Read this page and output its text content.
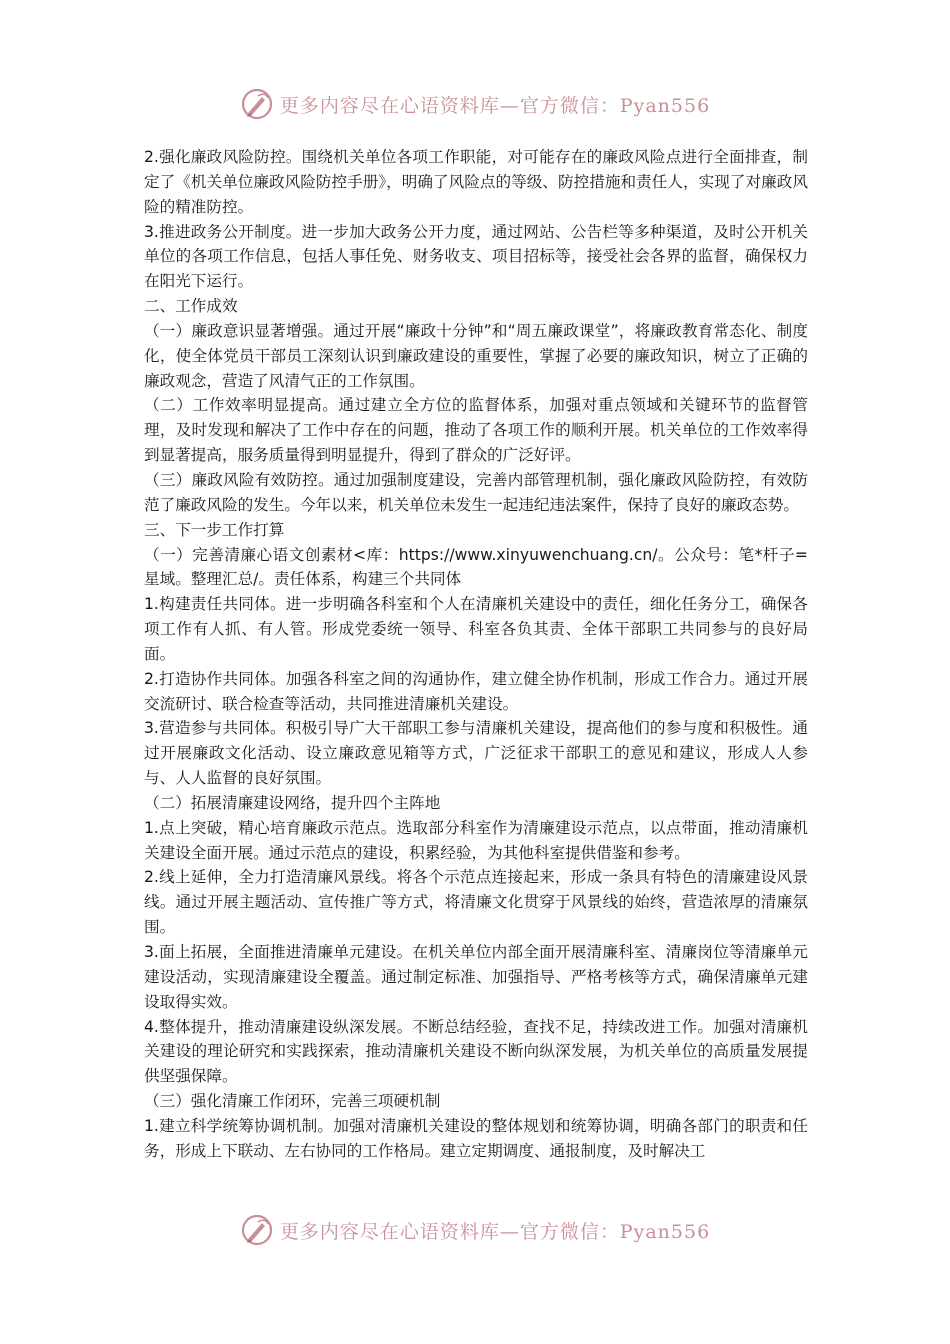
更多内容尽在心语资料库—官方微信：Pyan556

2.强化廉政风险防控。围绕机关单位各项工作职能，对可能存在的廉政风险点进行全面排查，制定了《机关单位廉政风险防控手册》，明确了风险点的等级、防控措施和责任人，实现了对廉政风险的精准防控。

3.推进政务公开制度。进一步加大政务公开力度，通过网站、公告栏等多种渠道，及时公开机关单位的各项工作信息，包括人事任免、财务收支、项目招标等，接受社会各界的监督，确保权力在阳光下运行。

二、工作成效

（一）廉政意识显著增强。通过开展“廉政十分钟”和“周五廉政课堂”，将廉政教育常态化、制度化，使全体党员干部员工深刻认识到廉政建设的重要性，掌握了必要的廉政知识，树立了正确的廉政观念，营造了风清气正的工作氛围。

（二）工作效率明显提高。通过建立全方位的监督体系，加强对重点领域和关键环节的监督管理，及时发现和解决了工作中存在的问题，推动了各项工作的顺利开展。机关单位的工作效率得到显著提高，服务质量得到明显提升，得到了群众的广泛好评。

（三）廉政风险有效防控。通过加强制度建设，完善内部管理机制，强化廉政风险防控，有效防范了廉政风险的发生。今年以来，机关单位未发生一起违纪违法案件，保持了良好的廉政态势。

三、下一步工作打算

（一）完善清廉心语文创素材<库：https://www.xinyuwenchuang.cn/。公众号：笔*杆子=星域。整理汇总/。责任体系，构建三个共同体

1.构建责任共同体。进一步明确各科室和个人在清廉机关建设中的责任，细化任务分工，确保各项工作有人抓、有人管。形成党委统一领导、科室各负其责、全体干部职工共同参与的良好局面。

2.打造协作共同体。加强各科室之间的沟通协作，建立健全协作机制，形成工作合力。通过开展交流研讨、联合检查等活动，共同推进清廉机关建设。

3.营造参与共同体。积极引导广大干部职工参与清廉机关建设，提高他们的参与度和积极性。通过开展廉政文化活动、设立廉政意见箱等方式，广泛征求干部职工的意见和建议，形成人人参与、人人监督的良好氛围。

（二）拓展清廉建设网络，提升四个主阵地

1.点上突破，精心培育廉政示范点。选取部分科室作为清廉建设示范点，以点带面，推动清廉机关建设全面开展。通过示范点的建设，积累经验，为其他科室提供借鉴和参考。

2.线上延伸，全力打造清廉风景线。将各个示范点连接起来，形成一条具有特色的清廉建设风景线。通过开展主题活动、宣传推广等方式，将清廉文化贯穿于风景线的始终，营造浓厚的清廉氛围。

3.面上拓展，全面推进清廉单元建设。在机关单位内部全面开展清廉科室、清廉岗位等清廉单元建设活动，实现清廉建设全覆盖。通过制定标准、加强指导、严格考核等方式，确保清廉单元建设取得实效。

4.整体提升，推动清廉建设纵深发展。不断总结经验，查找不足，持续改进工作。加强对清廉机关建设的理论研究和实践探索，推动清廉机关建设不断向纵深发展，为机关单位的高质量发展提供坚强保障。

（三）强化清廉工作闭环，完善三项硬机制

1.建立科学统筹协调机制。加强对清廉机关建设的整体规划和统筹协调，明确各部门的职责和任务，形成上下联动、左右协同的工作格局。建立定期调度、通报制度，及时解决工

更多内容尽在心语资料库—官方微信：Pyan556
